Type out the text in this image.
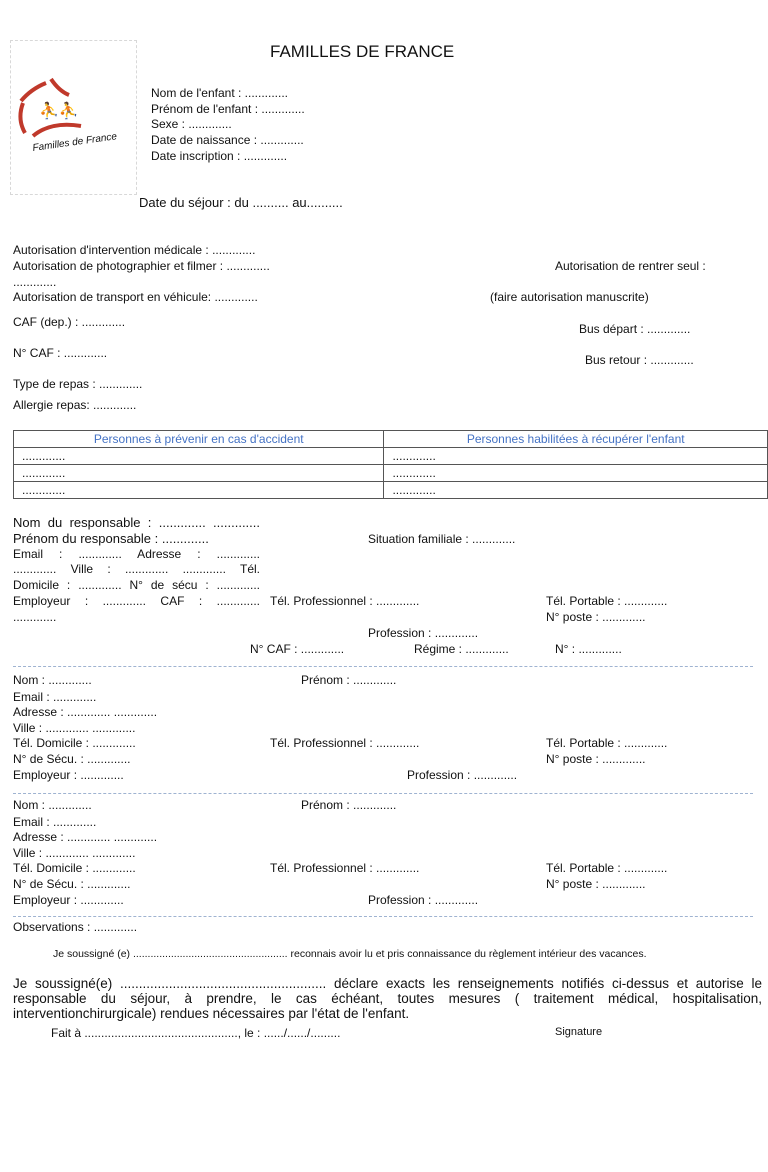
FAMILLES DE FRANCE
⛹⛹
Familles de France
Nom de l'enfant : .............
Prénom de l'enfant : .............
Sexe : .............
Date de naissance : .............
Date inscription : .............
Date du séjour : du .......... au..........
Autorisation d'intervention médicale : .............
Autorisation de photographier et filmer : .............
.............
Autorisation de transport en véhicule: .............
Autorisation de rentrer seul :
(faire autorisation manuscrite)
CAF (dep.) : .............	Bus départ : .............
N° CAF : .............	Bus retour : .............
Type de repas : .............
Allergie repas: .............
Personnes à prévenir en cas d'accident	Personnes habilitées à récupérer l'enfant
.............	.............
.............	.............
.............	.............
Nom du responsable : ............. .............
Prénom du responsable : .............	Situation familiale : .............
Email : ............. Adresse : .............
............. Ville : ............. ............. Tél.
Domicile : ............. N° de sécu : .............
Employeur : ............. CAF : ............. Tél. Professionnel : .............	Tél. Portable : .............
.............	N° poste : .............
Profession : .............
N° CAF : .............	Régime : .............	N° : .............
Nom : .............	Prénom : .............
Email : .............
Adresse : ............. .............
Ville : ............. .............
Tél. Domicile : .............	Tél. Professionnel : .............	Tél. Portable : .............
N° de Sécu. : .............	N° poste : .............
Employeur : .............	Profession : .............
Nom : .............	Prénom : .............
Email : .............
Adresse : ............. .............
Ville : ............. .............
Tél. Domicile : .............	Tél. Professionnel : .............	Tél. Portable : .............
N° de Sécu. : .............	N° poste : .............
Employeur : .............	Profession : .............
Observations : .............
Je soussigné (e) ..................................................... reconnais avoir lu et pris connaissance du règlement intérieur des vacances.
Je soussigné(e) ....................................................... déclare exacts les renseignements notifiés ci-dessus et autorise le responsable du séjour, à prendre, le cas échéant, toutes mesures ( traitement médical, hospitalisation, interventionchirurgicale) rendues nécessaires par l'état de l'enfant.
Fait à .............................................., le : ....../....../.........	Signature
